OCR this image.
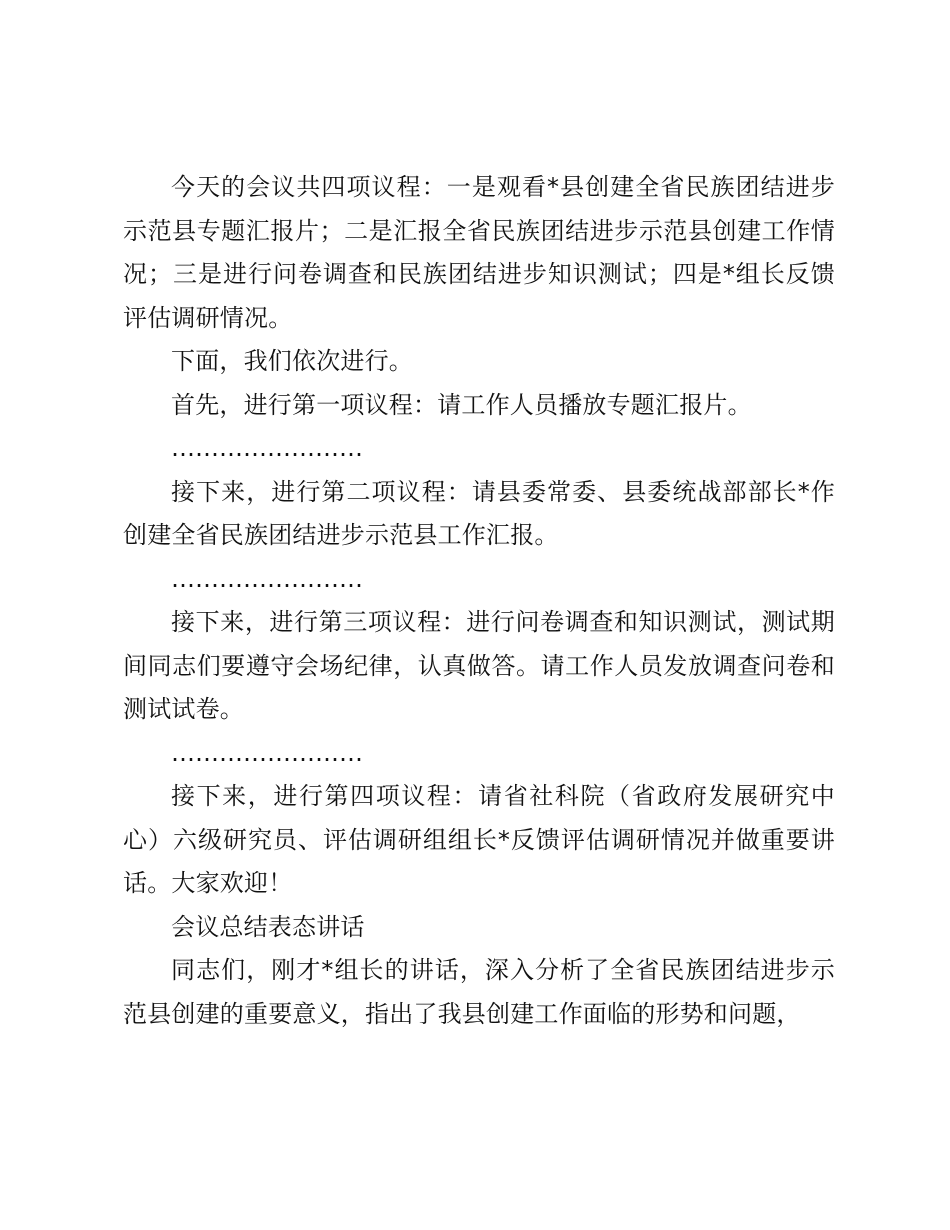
今天的会议共四项议程：一是观看*县创建全省民族团结进步示范县专题汇报片；二是汇报全省民族团结进步示范县创建工作情况；三是进行问卷调查和民族团结进步知识测试；四是*组长反馈评估调研情况。

下面，我们依次进行。

首先，进行第一项议程：请工作人员播放专题汇报片。

……………………

接下来，进行第二项议程：请县委常委、县委统战部部长*作创建全省民族团结进步示范县工作汇报。

……………………

接下来，进行第三项议程：进行问卷调查和知识测试，测试期间同志们要遵守会场纪律，认真做答。请工作人员发放调查问卷和测试试卷。

……………………

接下来，进行第四项议程：请省社科院（省政府发展研究中心）六级研究员、评估调研组组长*反馈评估调研情况并做重要讲话。大家欢迎！

会议总结表态讲话

同志们，刚才*组长的讲话，深入分析了全省民族团结进步示范县创建的重要意义，指出了我县创建工作面临的形势和问题，
